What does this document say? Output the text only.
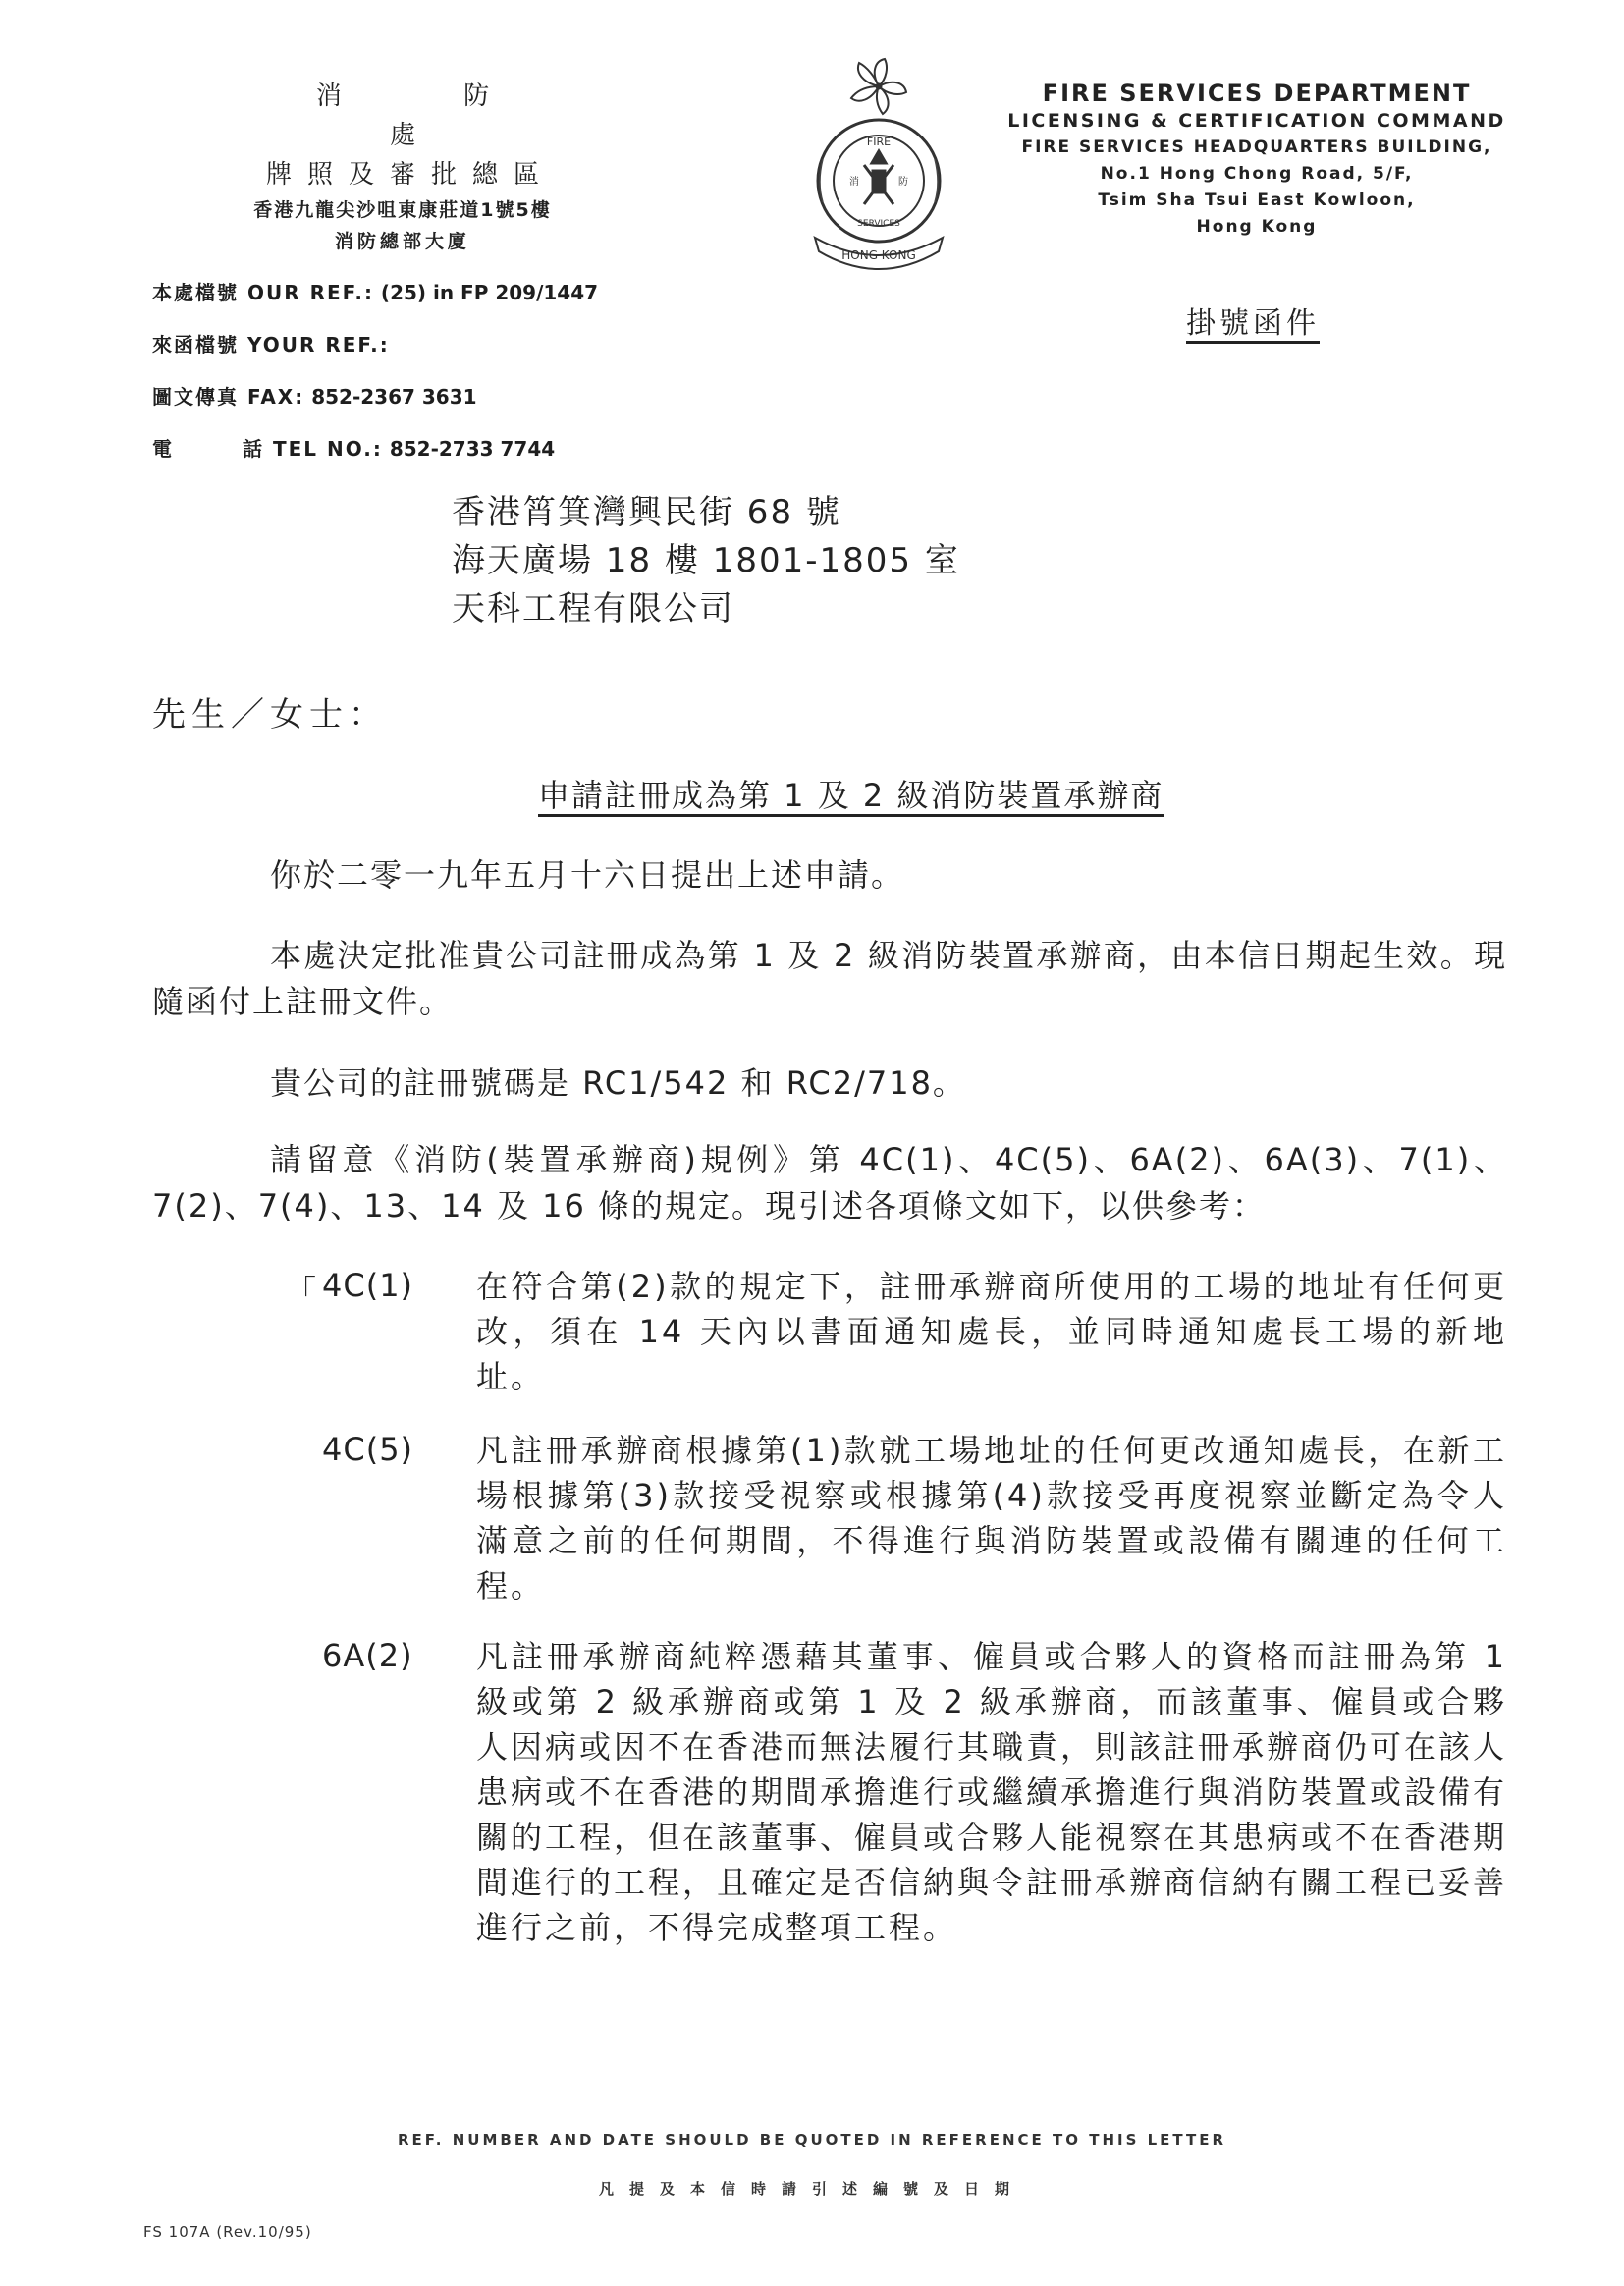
消 防 處
牌照及審批總區
香港九龍尖沙咀東康莊道1號5樓
消防總部大廈
FIRE
消	防
SERVICES
HONG KONG
FIRE SERVICES DEPARTMENT
LICENSING & CERTIFICATION COMMAND
FIRE SERVICES HEADQUARTERS BUILDING,
No.1 Hong Chong Road, 5/F,
Tsim Sha Tsui East Kowloon,
Hong Kong
掛號函件
本處檔號 OUR REF.: (25) in FP 209/1447
來函檔號 YOUR REF.:
圖文傳真 FAX: 852-2367 3631
電	話 TEL NO.: 852-2733 7744
香港筲箕灣興民街 68 號
海天廣場 18 樓 1801-1805 室
天科工程有限公司
先生／女士：
申請註冊成為第 1 及 2 級消防裝置承辦商
你於二零一九年五月十六日提出上述申請。
本處決定批准貴公司註冊成為第 1 及 2 級消防裝置承辦商，由本信日期起生效。現隨函付上註冊文件。
貴公司的註冊號碼是 RC1/542 和 RC2/718。
請留意《消防(裝置承辦商)規例》第 4C(1)、4C(5)、6A(2)、6A(3)、7(1)、7(2)、7(4)、13、14 及 16 條的規定。現引述各項條文如下，以供參考：
「 4C(1) 在符合第(2)款的規定下，註冊承辦商所使用的工場的地址有任何更改，須在 14 天內以書面通知處長，並同時通知處長工場的新地址。
4C(5) 凡註冊承辦商根據第(1)款就工場地址的任何更改通知處長，在新工場根據第(3)款接受視察或根據第(4)款接受再度視察並斷定為令人滿意之前的任何期間，不得進行與消防裝置或設備有關連的任何工程。
6A(2) 凡註冊承辦商純粹憑藉其董事、僱員或合夥人的資格而註冊為第 1 級或第 2 級承辦商或第 1 及 2 級承辦商，而該董事、僱員或合夥人因病或因不在香港而無法履行其職責，則該註冊承辦商仍可在該人患病或不在香港的期間承擔進行或繼續承擔進行與消防裝置或設備有關的工程，但在該董事、僱員或合夥人能視察在其患病或不在香港期間進行的工程，且確定是否信納與令註冊承辦商信納有關工程已妥善進行之前，不得完成整項工程。
REF. NUMBER AND DATE SHOULD BE QUOTED IN REFERENCE TO THIS LETTER
凡提及本信時請引述編號及日期
FS 107A (Rev.10/95)
